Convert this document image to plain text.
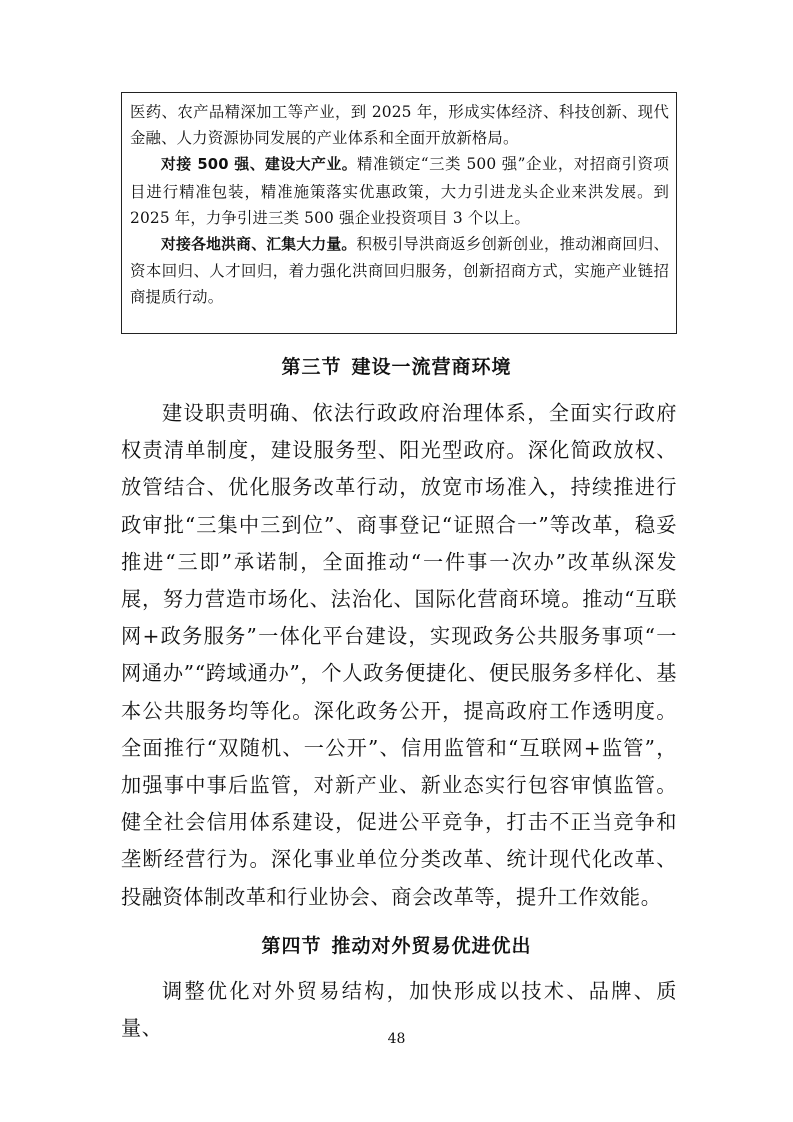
医药、农产品精深加工等产业，到 2025 年，形成实体经济、科技创新、现代金融、人力资源协同发展的产业体系和全面开放新格局。

对接 500 强、建设大产业。精准锁定“三类 500 强”企业，对招商引资项目进行精准包装，精准施策落实优惠政策，大力引进龙头企业来洪发展。到 2025 年，力争引进三类 500 强企业投资项目 3 个以上。

对接各地洪商、汇集大力量。积极引导洪商返乡创新创业，推动湘商回归、资本回归、人才回归，着力强化洪商回归服务，创新招商方式，实施产业链招商提质行动。

第三节 建设一流营商环境

建设职责明确、依法行政政府治理体系，全面实行政府权责清单制度，建设服务型、阳光型政府。深化简政放权、放管结合、优化服务改革行动，放宽市场准入，持续推进行政审批“三集中三到位”、商事登记“证照合一”等改革，稳妥推进“三即”承诺制，全面推动“一件事一次办”改革纵深发展，努力营造市场化、法治化、国际化营商环境。推动“互联网+政务服务”一体化平台建设，实现政务公共服务事项“一网通办”“跨域通办”，个人政务便捷化、便民服务多样化、基本公共服务均等化。深化政务公开，提高政府工作透明度。全面推行“双随机、一公开”、信用监管和“互联网+监管”，加强事中事后监管，对新产业、新业态实行包容审慎监管。健全社会信用体系建设，促进公平竞争，打击不正当竞争和垄断经营行为。深化事业单位分类改革、统计现代化改革、投融资体制改革和行业协会、商会改革等，提升工作效能。

第四节 推动对外贸易优进优出

调整优化对外贸易结构，加快形成以技术、品牌、质量、	48
